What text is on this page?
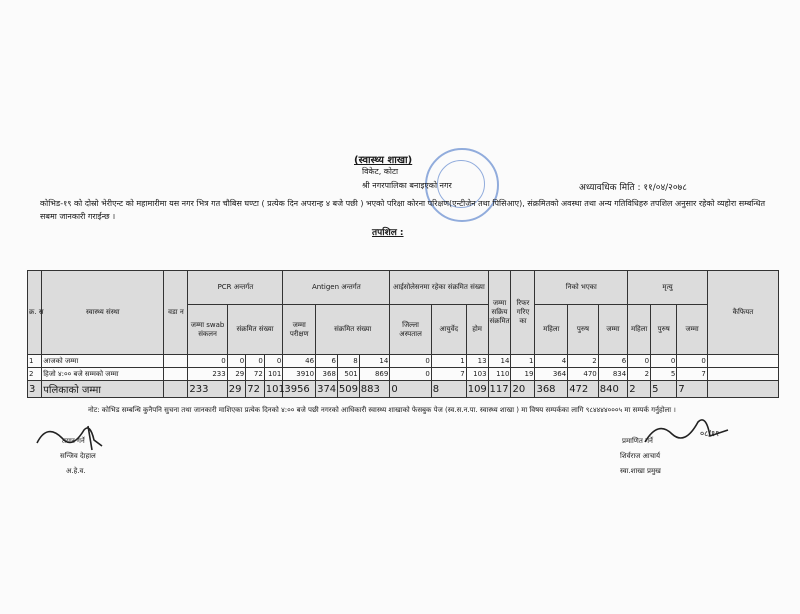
(स्वास्थ्य शाखा)
विकेट, कोटा
श्री नगरपालिका बनाइएको नगर	अध्यावधिक मिति : ११/०४/२०७८
कोभिड-१९ को दोस्रो भेरीएन्ट को महामारीमा यस नगर भित्र गत चौबिस घण्टा ( प्रत्येक दिन अपरान्ह ४ बजे पछी ) भएको परिक्षा कोरना परिक्षण(एन्टीजेन तथा पिसिआए), संक्रमितको अवस्था तथा अन्य गतिविधिहरु तपशिल अनुसार रहेको व्यहोरा सम्बन्धित सबमा जानकारी गराईन्छ ।
तपशिल :
क्र. स	स्वास्थ्य संस्था	वडा न	PCR अन्तर्गत				Antigen अन्तर्गत				आईसोलेसनमा रहेका संक्रमित संख्या			जम्मा सक्रिय संक्रमित	रिफर गरिए का	निको भएका			मृत्यु			कैफियत
			जम्मा swab संकलन	संक्रमित संख्या			जम्मा परीक्षण	संक्रमित संख्या			जिल्ला अस्पताल	आयुर्वेद	होम			महिला	पुरुष	जम्मा	महिला	पुरुष	जम्मा	
1	आजको जम्मा		0	0	0	0	46	6	8	14	0	1	13	14	1	4	2	6	0	0	0	
2	हिजो ४:०० बजे सम्मको जम्मा		233	29	72	101	3910	368	501	869	0	7	103	110	19	364	470	834	2	5	7	
3	पलिकाको जम्मा		233	29	72	101	3956	374	509	883	0	8	109	117	20	368	472	840	2	5	7	
नोट: कोभिड सम्बन्धि कुनैपनि सुचना तथा जानकारी माशिएका प्रत्येक दिनको ४:०० बजे पछी नगरको आधिकारी स्वास्थ्य शाखाको फेसबुक पेज (स्व.स.न.पा. स्वास्थ्य शाखा ) मा विषय सम्पर्कका लागि ९८४४४४०००५ मा सम्पर्क गर्नुहोला ।
तयार गर्ने
सन्जिव देाहाल
अ.हे.व.
०८/११
प्रमाणित गर्ने
शिर्वराज आचार्य
स्वा.शाखा प्रमुख
